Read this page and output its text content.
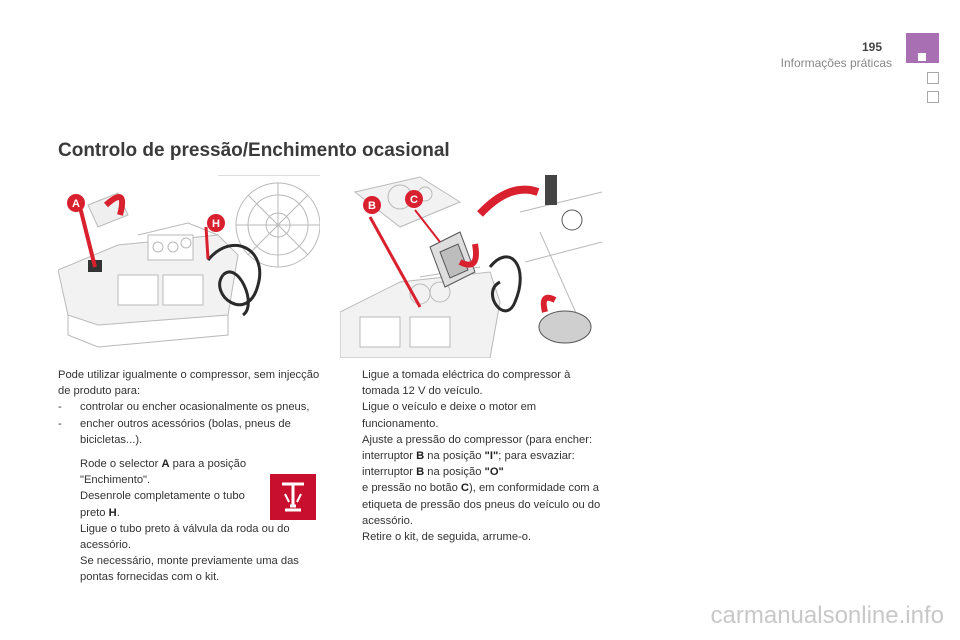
195
Informações práticas
Controlo de pressão/Enchimento ocasional
A
H
B	C

Pode utilizar igualmente o compressor, sem injecção de produto para:

- controlar ou encher ocasionalmente os pneus,
- encher outros acessórios (bolas, pneus de bicicletas...).
Rode o selector A para a posição "Enchimento".
Desenrole completamente o tubo preto H.
Ligue o tubo preto à válvula da roda ou do acessório.
Se necessário, monte previamente uma das pontas fornecidas com o kit.
Ligue a tomada eléctrica do compressor à tomada 12 V do veículo.
Ligue o veículo e deixe o motor em funcionamento.
Ajuste a pressão do compressor (para encher: interruptor B na posição "I"; para esvaziar: interruptor B na posição "O"
e pressão no botão C), em conformidade com a etiqueta de pressão dos pneus do veículo ou do acessório.
Retire o kit, de seguida, arrume-o.
carmanualsonline.info
